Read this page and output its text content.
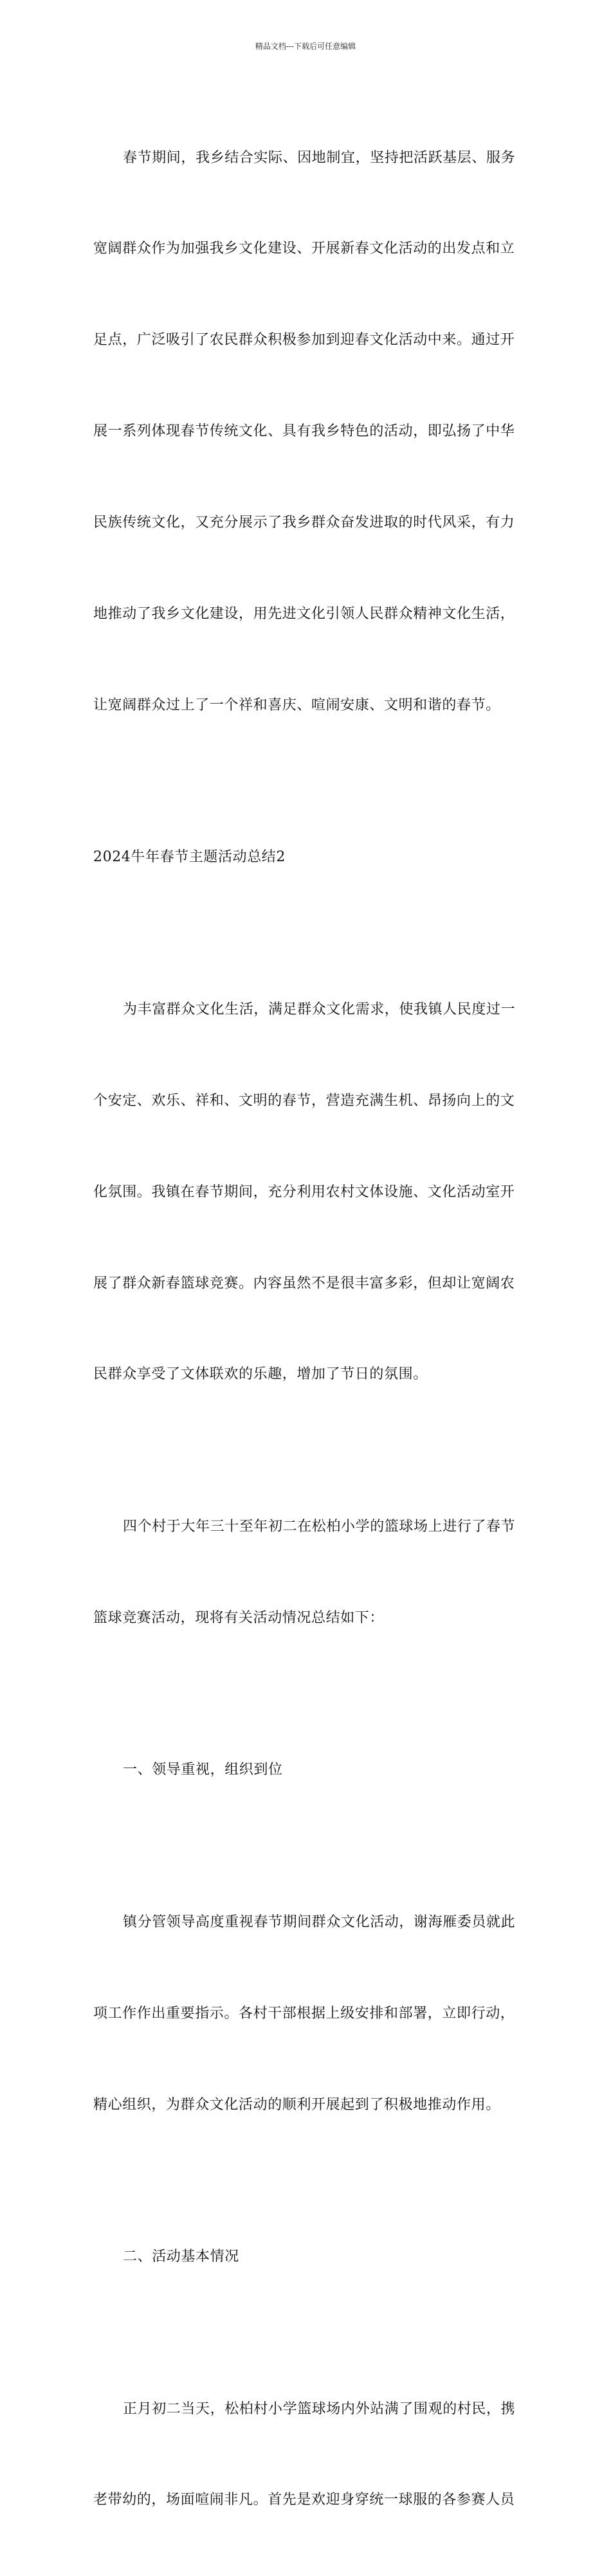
精品文档---下载后可任意编辑

春节期间，我乡结合实际、因地制宜，坚持把活跃基层、服务

宽阔群众作为加强我乡文化建设、开展新春文化活动的出发点和立

足点，广泛吸引了农民群众积极参加到迎春文化活动中来。通过开

展一系列体现春节传统文化、具有我乡特色的活动，即弘扬了中华

民族传统文化，又充分展示了我乡群众奋发进取的时代风采，有力

地推动了我乡文化建设，用先进文化引领人民群众精神文化生活，

让宽阔群众过上了一个祥和喜庆、喧闹安康、文明和谐的春节。

2024牛年春节主题活动总结2

为丰富群众文化生活，满足群众文化需求，使我镇人民度过一

个安定、欢乐、祥和、文明的春节，营造充满生机、昂扬向上的文

化氛围。我镇在春节期间，充分利用农村文体设施、文化活动室开

展了群众新春篮球竞赛。内容虽然不是很丰富多彩，但却让宽阔农

民群众享受了文体联欢的乐趣，增加了节日的氛围。

四个村于大年三十至年初二在松柏小学的篮球场上进行了春节

篮球竞赛活动，现将有关活动情况总结如下：

一、领导重视，组织到位

镇分管领导高度重视春节期间群众文化活动，谢海雁委员就此

项工作作出重要指示。各村干部根据上级安排和部署，立即行动，

精心组织，为群众文化活动的顺利开展起到了积极地推动作用。

二、活动基本情况

正月初二当天，松柏村小学篮球场内外站满了围观的村民，携

老带幼的，场面喧闹非凡。首先是欢迎身穿统一球服的各参赛人员
